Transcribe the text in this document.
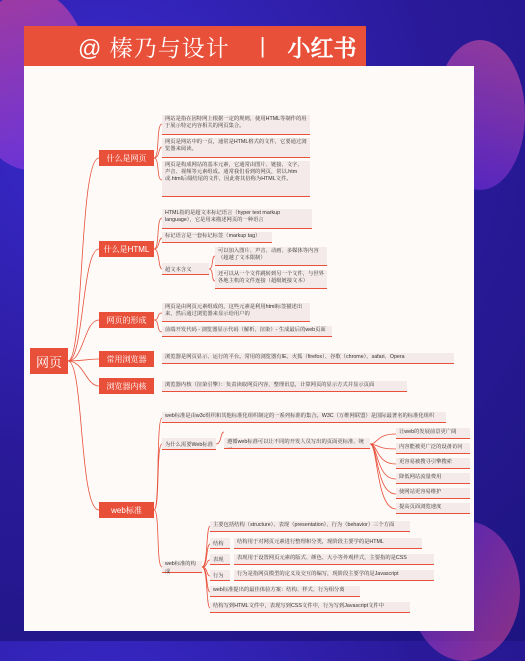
@ 榛乃与设计 | 小红书
网页
什么是网页
网站是指在因特网上根据一定的规则，使用HTML等制作的用于展示特定内容相关的网页集合。
网页是网站中的一页，通常是HTML格式的文件，它要通过浏览器来阅读。
网页是构成网站的基本元素，它通常由图片、链接、文字、声音、视频等元素组成。通常我们看到的网页，常以.htm或.html后缀结尾的文件，因此将其俗称为HTML文件。
什么是HTML
HTML指的是超文本标记语言（hyper text markup language），它是用来描述网页的一种语言
标记语言是一套标记标签（markup tag）
超文本含义
可以加入图片、声音、动画、多媒体等内容（超越了文本限制）
还可以从一个文件跳转到另一个文件，与世界各地主机的文件连接（超级链接文本）
网页的形成
网页是由网页元素组成的，这些元素是利用html标签描述出来，然后通过浏览器来显示给用户的
前端开发代码 - 浏览器显示代码（解析、渲染）- 生成最后的web页面
常用浏览器	浏览器是网页显示、运行的平台。常用的浏览器有IE、火狐（firefox）、谷歌（chrome）、safari、Opera
浏览器内核	浏览器内核（渲染引擎）：负责读取网页内容，整理讯息，计算网页的显示方式并显示页面
web标准
web标准是由w3c组织和其他标准化组织制定的一系列标准的集合。W3C（万维网联盟）是国际最著名的标准化组织
为什么需要Web标准	遵循web标准可以让不同的开发人员写出的页面更标准、统一
让web的发展前景更广阔
内容能被更广泛的设备访问
更容易被搜寻引擎搜索
降低网站流量费用
使网站更容易维护
提高页面浏览速度
web标准的构成
主要包括结构（structure）、表现（presentation）、行为（behavior）三个方面
结构	结构用于对网页元素进行整理和分类，现阶段主要学的是HTML
表现	表现用于设置网页元素的版式、颜色、大小等外观样式，主要指的是CSS
行为	行为是指网页模型的定义及交互的编写，现阶段主要学的是Javascript
web标准提出的最佳体验方案：结构、样式、行为相分离
结构写到HTML文件中，表现写到CSS文件中，行为写到Javascript文件中
